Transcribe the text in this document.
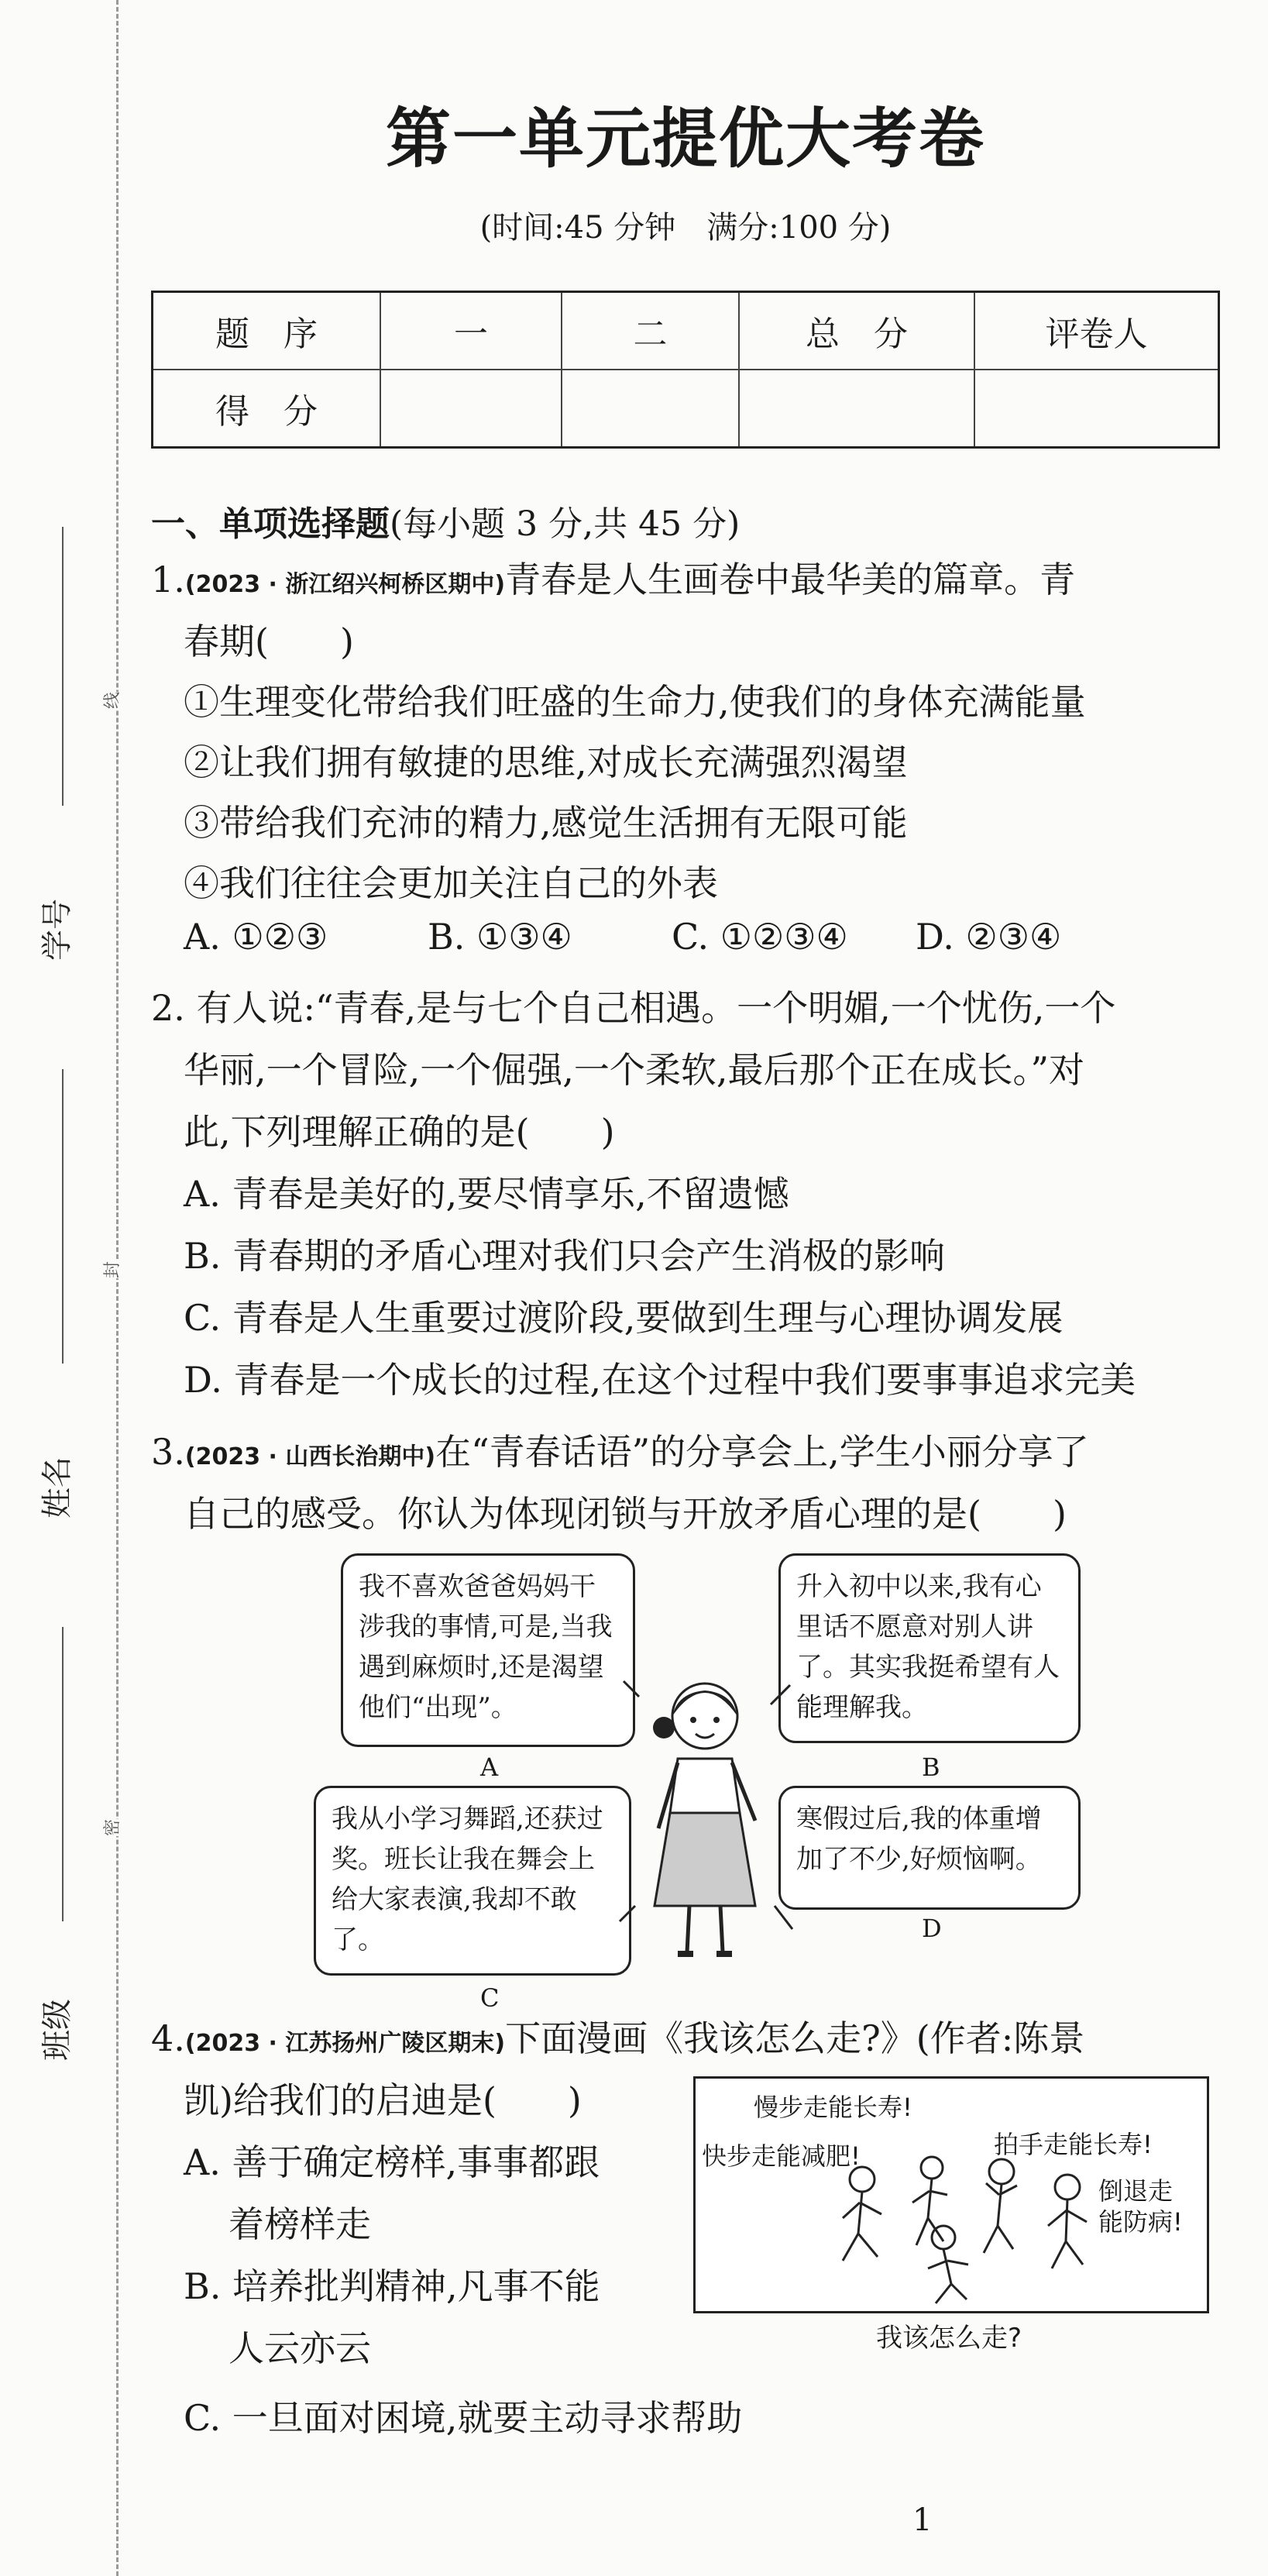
学号
姓名
班级
线
封
密
第一单元提优大考卷
(时间:45 分钟　满分:100 分)
题　序	一	二	总　分	评卷人
得　分				
一、单项选择题(每小题 3 分,共 45 分)
1.(2023 · 浙江绍兴柯桥区期中)青春是人生画卷中最华美的篇章。青
春期(　　)
①生理变化带给我们旺盛的生命力,使我们的身体充满能量
②让我们拥有敏捷的思维,对成长充满强烈渴望
③带给我们充沛的精力,感觉生活拥有无限可能
④我们往往会更加关注自己的外表
A. ①②③	B. ①③④	C. ①②③④ D. ②③④
2. 有人说:“青春,是与七个自己相遇。一个明媚,一个忧伤,一个
华丽,一个冒险,一个倔强,一个柔软,最后那个正在成长。”对
此,下列理解正确的是(　　)
A. 青春是美好的,要尽情享乐,不留遗憾
B. 青春期的矛盾心理对我们只会产生消极的影响
C. 青春是人生重要过渡阶段,要做到生理与心理协调发展
D. 青春是一个成长的过程,在这个过程中我们要事事追求完美
3.(2023 · 山西长治期中)在“青春话语”的分享会上,学生小丽分享了
自己的感受。你认为体现闭锁与开放矛盾心理的是(　　)
我不喜欢爸爸妈妈干涉我的事情,可是,当我遇到麻烦时,还是渴望他们“出现”。
A
升入初中以来,我有心里话不愿意对别人讲了。其实我挺希望有人能理解我。
B
我从小学习舞蹈,还获过奖。班长让我在舞会上给大家表演,我却不敢了。
C
寒假过后,我的体重增加了不少,好烦恼啊。
D
4.(2023 · 江苏扬州广陵区期末)下面漫画《我该怎么走?》(作者:陈景
凯)给我们的启迪是(　　)
A. 善于确定榜样,事事都跟
着榜样走
B. 培养批判精神,凡事不能
人云亦云
C. 一旦面对困境,就要主动寻求帮助
慢步走能长寿!
拍手走能长寿!
快步走能减肥!
倒退走
能防病!
我该怎么走?
1
